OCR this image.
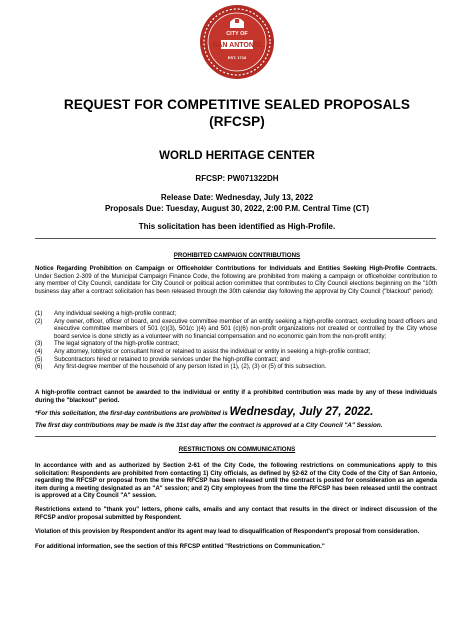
CITY OF
SAN ANTONIO
EST. 1718
REQUEST FOR COMPETITIVE SEALED PROPOSALS
(RFCSP)
WORLD HERITAGE CENTER
RFCSP: PW071322DH
Release Date: Wednesday, July 13, 2022
Proposals Due: Tuesday, August 30, 2022, 2:00 P.M. Central Time (CT)
This solicitation has been identified as High-Profile.
PROHIBITED CAMPAIGN CONTRIBUTIONS
Notice Regarding Prohibition on Campaign or Officeholder Contributions for Individuals and Entities Seeking High-Profile Contracts. Under Section 2-309 of the Municipal Campaign Finance Code, the following are prohibited from making a campaign or officeholder contribution to any member of City Council, candidate for City Council or political action committee that contributes to City Council elections beginning on the "10th business day after a contract solicitation has been released through the 30th calendar day following the approval by City Council ("blackout" period):
(1)	Any individual seeking a high-profile contract;
(2)	Any owner, officer, officer of board, and executive committee member of an entity seeking a high-profile contract, excluding board officers and executive committee members of 501 (c)(3), 501(c )(4) and 501 (c)(6) non-profit organizations not created or controlled by the City whose board service is done strictly as a volunteer with no financial compensation and no economic gain from the non-profit entity;
(3)	The legal signatory of the high-profile contract;
(4)	Any attorney, lobbyist or consultant hired or retained to assist the individual or entity in seeking a high-profile contract;
(5)	Subcontractors hired or retained to provide services under the high-profile contract; and
(6)	Any first-degree member of the household of any person listed in (1), (2), (3) or (5) of this subsection.
A high-profile contract cannot be awarded to the individual or entity if a prohibited contribution was made by any of these individuals during the "blackout" period.
*For this solicitation, the first-day contributions are prohibited is Wednesday, July 27, 2022.
The first day contributions may be made is the 31st day after the contract is approved at a City Council "A" Session.
RESTRICTIONS ON COMMUNICATIONS
In accordance with and as authorized by Section 2-61 of the City Code, the following restrictions on communications apply to this solicitation: Respondents are prohibited from contacting 1) City officials, as defined by §2-62 of the City Code of the City of San Antonio, regarding the RFCSP or proposal from the time the RFCSP has been released until the contract is posted for consideration as an agenda item during a meeting designated as an "A" session; and 2) City employees from the time the RFCSP has been released until the contract is approved at a City Council "A" session.
Restrictions extend to "thank you" letters, phone calls, emails and any contact that results in the direct or indirect discussion of the RFCSP and/or proposal submitted by Respondent.
Violation of this provision by Respondent and/or its agent may lead to disqualification of Respondent's proposal from consideration.
For additional information, see the section of this RFCSP entitled "Restrictions on Communication."
